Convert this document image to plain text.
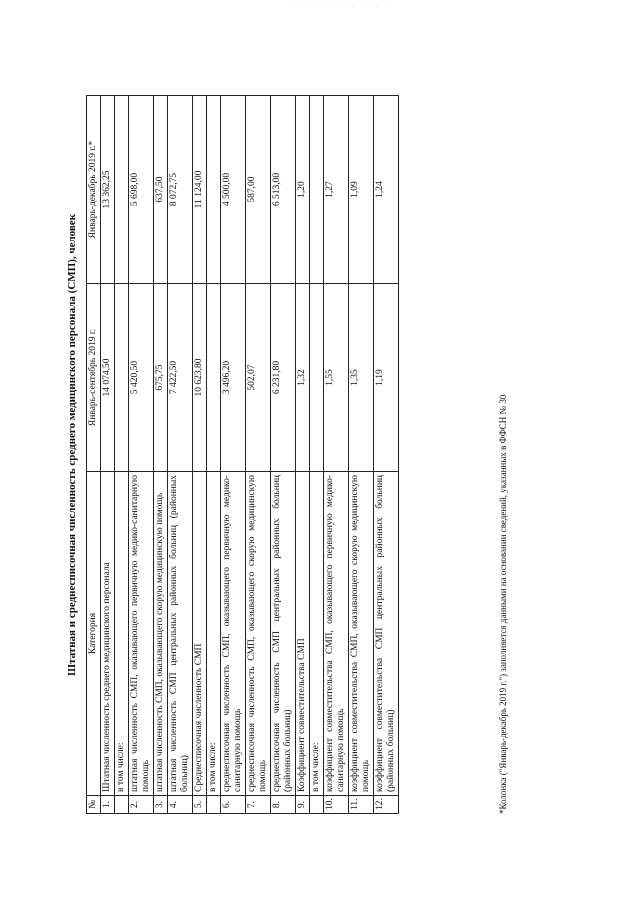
· · ·· · ·· ·· · ·· ·
Штатная и среднесписочная численность среднего медицинского персонала (СМП), человек
№	Категория	Январь-сентябрь 2019 г.	Январь-декабрь 2019 г.*
1.	Штатная численность среднего медицинского персонала	14 074,50	13 362,25
	в том числе:		
2.	штатная численность СМП, оказывающего первичную медико-санитарную помощь	5 420,50	5 698,00
3.	штатная численность СМП, оказывающего скорую медицинскую помощь	675,75	637,50
4.	штатная численность СМП центральных районных больниц (районных больниц)	7 422,50	8 072,75
5.	Среднесписочная численность СМП	10 623,80	11 124,00
	в том числе:		
6.	среднесписочная численность СМП, оказывающего первичную медико-санитарную помощь	3 496,20	4 500,00
7.	среднесписочная численность СМП, оказывающего скорую медицинскую помощь	502,07	587,00
8.	среднесписочная численность СМП центральных районных больниц (районных больниц)	6 231,80	6 513,00
9.	Коэффициент совместительства СМП	1,32	1,20
	в том числе:		
10.	коэффициент совместительства СМП, оказывающего первичную медико-санитарную помощь	1,55	1,27
11.	коэффициент совместительства СМП, оказывающего скорую медицинскую помощь	1,35	1,09
12.	коэффициент совместительства СМП центральных районных больниц (районных больниц)	1,19	1,24
*Колонка ("Январь-декабрь 2019 г.") заполняется данными на основании сведений, указанных в ФФСН № 30
